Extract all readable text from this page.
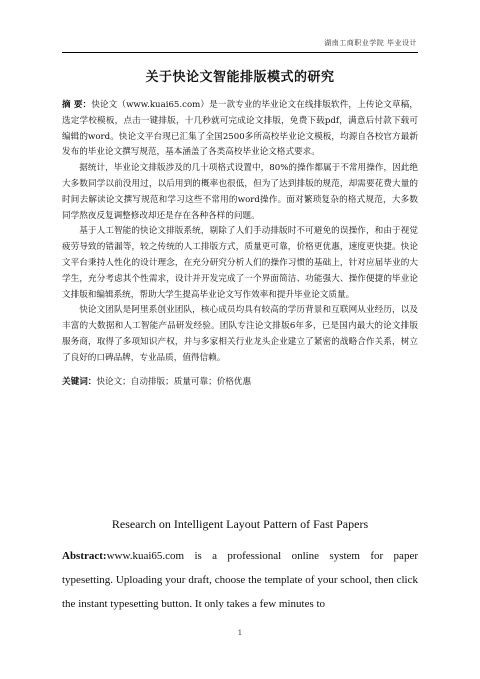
湖南工商职业学院 毕业设计
关于快论文智能排版模式的研究

摘 要：快论文（www.kuai65.com）是一款专业的毕业论文在线排版软件，上传论文草稿，选定学校模板，点击一键排版，十几秒就可完成论文排版，免费下载pdf，满意后付款下载可编辑的word。快论文平台现已汇集了全国2500多所高校毕业论文模板，均源自各校官方最新发布的毕业论文撰写规范，基本涵盖了各类高校毕业论文格式要求。

据统计，毕业论文排版涉及的几十项格式设置中，80%的操作都属于不常用操作，因此绝大多数同学以前没用过，以后用到的概率也很低，但为了达到排版的规范，却需要花费大量的时间去解读论文撰写规范和学习这些不常用的word操作。面对繁琐复杂的格式规范，大多数同学熬夜反复调整修改却还是存在各种各样的问题。

基于人工智能的快论文排版系统，剔除了人们手动排版时不可避免的误操作，和由于视觉疲劳导致的错漏等，较之传统的人工排版方式，质量更可靠，价格更优惠，速度更快捷。快论文平台秉持人性化的设计理念，在充分研究分析人们的操作习惯的基础上，针对应届毕业的大学生，充分考虑其个性需求，设计并开发完成了一个界面简洁、功能强大、操作便捷的毕业论文排版和编辑系统，帮助大学生提高毕业论文写作效率和提升毕业论文质量。

快论文团队是阿里系创业团队，核心成员均具有较高的学历背景和互联网从业经历，以及丰富的大数据和人工智能产品研发经验。团队专注论文排版6年多，已是国内最大的论文排版服务商，取得了多项知识产权，并与多家相关行业龙头企业建立了紧密的战略合作关系，树立了良好的口碑品牌，专业品质，值得信赖。

关键词：快论文；自动排版；质量可靠；价格优惠

Research on Intelligent Layout Pattern of Fast Papers
Abstract:www.kuai65.com is a professional online system for paper typesetting. Uploading your draft, choose the template of your school, then click the instant typesetting button. It only takes a few minutes to
1
